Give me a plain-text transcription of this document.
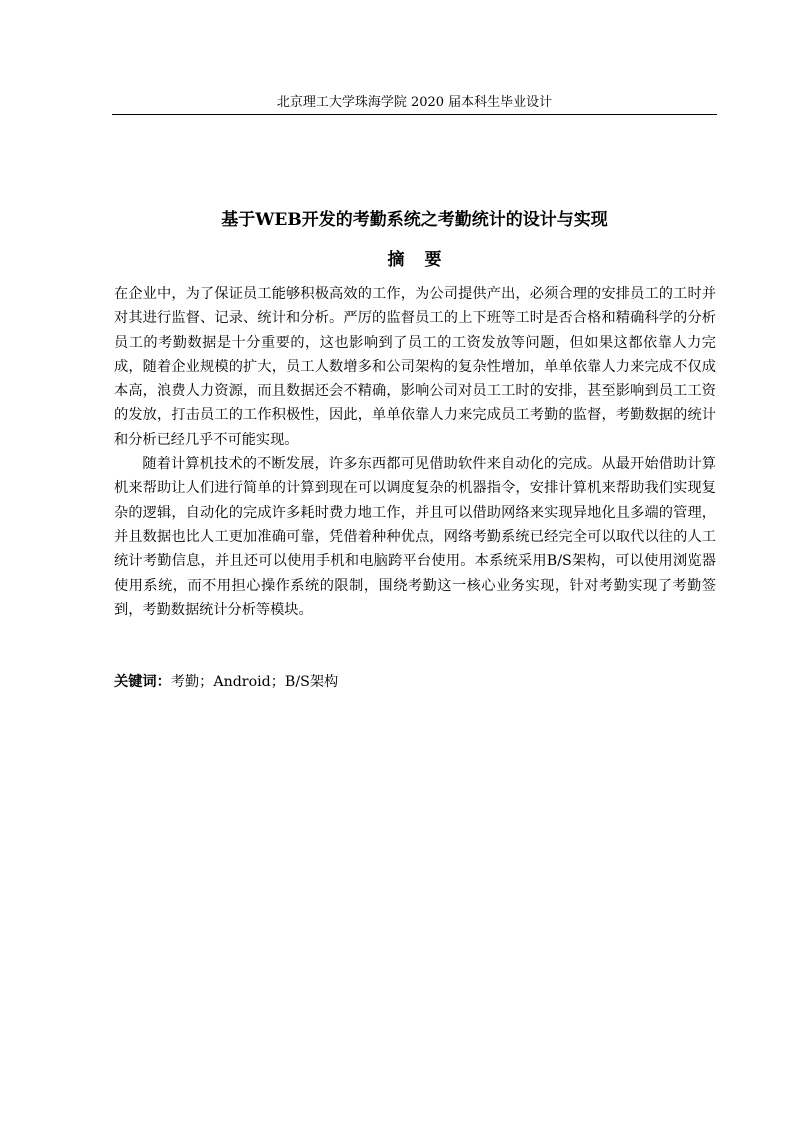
北京理工大学珠海学院 2020 届本科生毕业设计
基于WEB开发的考勤系统之考勤统计的设计与实现
摘要

在企业中，为了保证员工能够积极高效的工作，为公司提供产出，必须合理的安排员工的工时并对其进行监督、记录、统计和分析。严厉的监督员工的上下班等工时是否合格和精确科学的分析员工的考勤数据是十分重要的，这也影响到了员工的工资发放等问题，但如果这都依靠人力完成，随着企业规模的扩大，员工人数增多和公司架构的复杂性增加，单单依靠人力来完成不仅成本高，浪费人力资源，而且数据还会不精确，影响公司对员工工时的安排，甚至影响到员工工资的发放，打击员工的工作积极性，因此，单单依靠人力来完成员工考勤的监督，考勤数据的统计和分析已经几乎不可能实现。

随着计算机技术的不断发展，许多东西都可见借助软件来自动化的完成。从最开始借助计算机来帮助让人们进行简单的计算到现在可以调度复杂的机器指令，安排计算机来帮助我们实现复杂的逻辑，自动化的完成许多耗时费力地工作，并且可以借助网络来实现异地化且多端的管理，并且数据也比人工更加准确可靠，凭借着种种优点，网络考勤系统已经完全可以取代以往的人工统计考勤信息，并且还可以使用手机和电脑跨平台使用。本系统采用B/S架构，可以使用浏览器使用系统，而不用担心操作系统的限制，围绕考勤这一核心业务实现，针对考勤实现了考勤签到，考勤数据统计分析等模块。

关键词：考勤；Android；B/S架构
